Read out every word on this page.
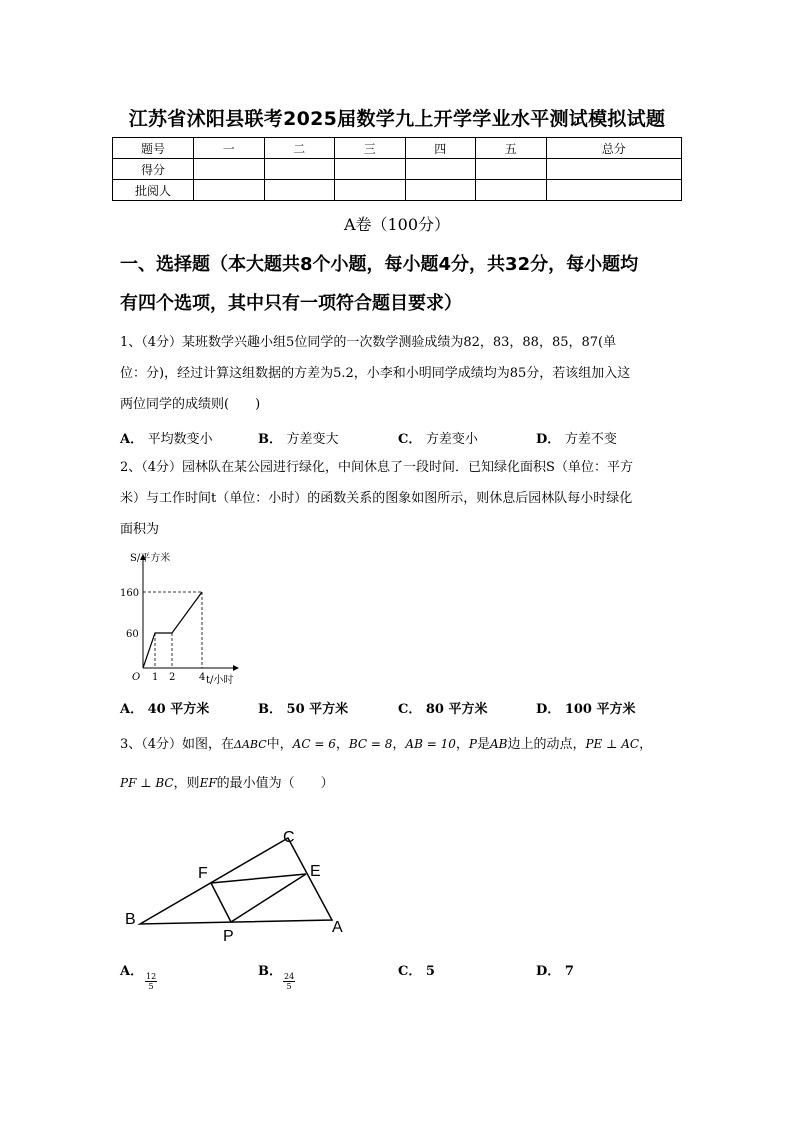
江苏省沭阳县联考2025届数学九上开学学业水平测试模拟试题
题号	一	二	三	四	五	总分
得分						
批阅人						
A卷（100分）
一、选择题（本大题共8个小题，每小题4分，共32分，每小题均
有四个选项，其中只有一项符合题目要求）
1、（4分）某班数学兴趣小组5位同学的一次数学测验成绩为82，83，88，85，87(单
位：分)，经过计算这组数据的方差为5.2，小李和小明同学成绩均为85分，若该组加入这
两位同学的成绩则(　　)
A． 平均数变小	B． 方差变大	C． 方差变小	D． 方差不变
2、（4分）园林队在某公园进行绿化，中间休息了一段时间．已知绿化面积S（单位：平方
米）与工作时间t（单位：小时）的函数关系的图象如图所示，则休息后园林队每小时绿化
面积为
S/平方米
160
60
O 1 2 4 t/小时
A． 40 平方米	B． 50 平方米	C． 80 平方米	D． 100 平方米
3、（4分）如图，在ΔABC中，AC = 6，BC = 8，AB = 10，P是AB边上的动点，PE ⊥ AC，
PF ⊥ BC，则EF的最小值为（　　）
C
F	E
B	A
P
A．
$\frac{12}{5}$
B．
$\frac{24}{5}$
C． 5	D． 7
